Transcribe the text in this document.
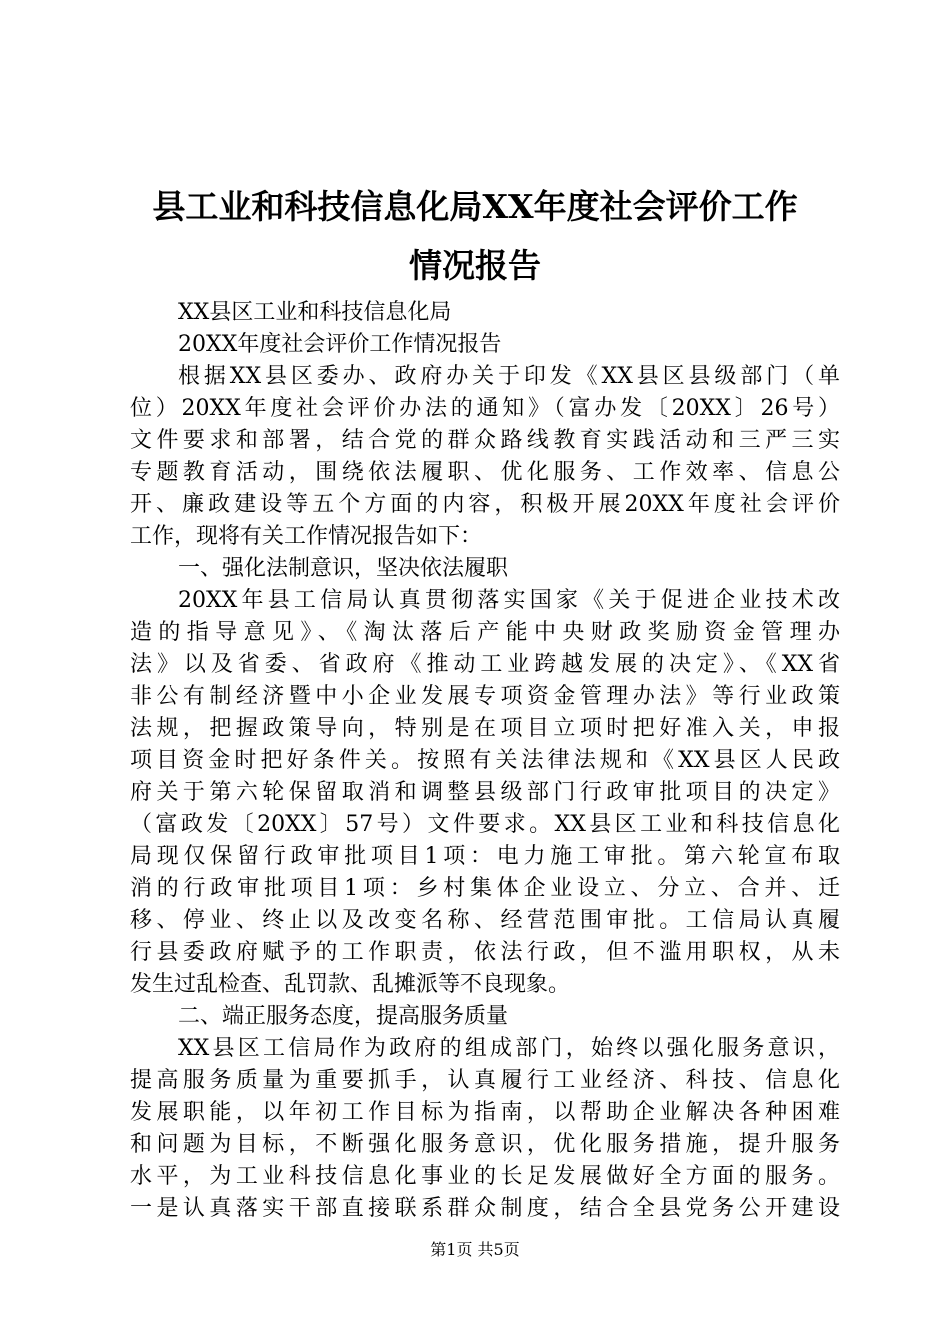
县工业和科技信息化局XX年度社会评价工作
情况报告
XX县区工业和科技信息化局
20XX年度社会评价工作情况报告
根据XX县区委办、政府办关于印发《XX县区县级部门（单
位）20XX年度社会评价办法的通知》（富办发〔20XX〕26号）
文件要求和部署，结合党的群众路线教育实践活动和三严三实
专题教育活动，围绕依法履职、优化服务、工作效率、信息公
开、廉政建设等五个方面的内容，积极开展20XX年度社会评价
工作，现将有关工作情况报告如下：
一、强化法制意识，坚决依法履职
20XX年县工信局认真贯彻落实国家《关于促进企业技术改
造的指导意见》、《淘汰落后产能中央财政奖励资金管理办
法》以及省委、省政府《推动工业跨越发展的决定》、《XX省
非公有制经济暨中小企业发展专项资金管理办法》等行业政策
法规，把握政策导向，特别是在项目立项时把好准入关，申报
项目资金时把好条件关。按照有关法律法规和《XX县区人民政
府关于第六轮保留取消和调整县级部门行政审批项目的决定》
（富政发〔20XX〕57号）文件要求。XX县区工业和科技信息化
局现仅保留行政审批项目1项：电力施工审批。第六轮宣布取
消的行政审批项目1项：乡村集体企业设立、分立、合并、迁
移、停业、终止以及改变名称、经营范围审批。工信局认真履
行县委政府赋予的工作职责，依法行政，但不滥用职权，从未
发生过乱检查、乱罚款、乱摊派等不良现象。
二、端正服务态度，提高服务质量
XX县区工信局作为政府的组成部门，始终以强化服务意识，
提高服务质量为重要抓手，认真履行工业经济、科技、信息化
发展职能，以年初工作目标为指南，以帮助企业解决各种困难
和问题为目标，不断强化服务意识，优化服务措施，提升服务
水平，为工业科技信息化事业的长足发展做好全方面的服务。
一是认真落实干部直接联系群众制度，结合全县党务公开建设
第1页 共5页
